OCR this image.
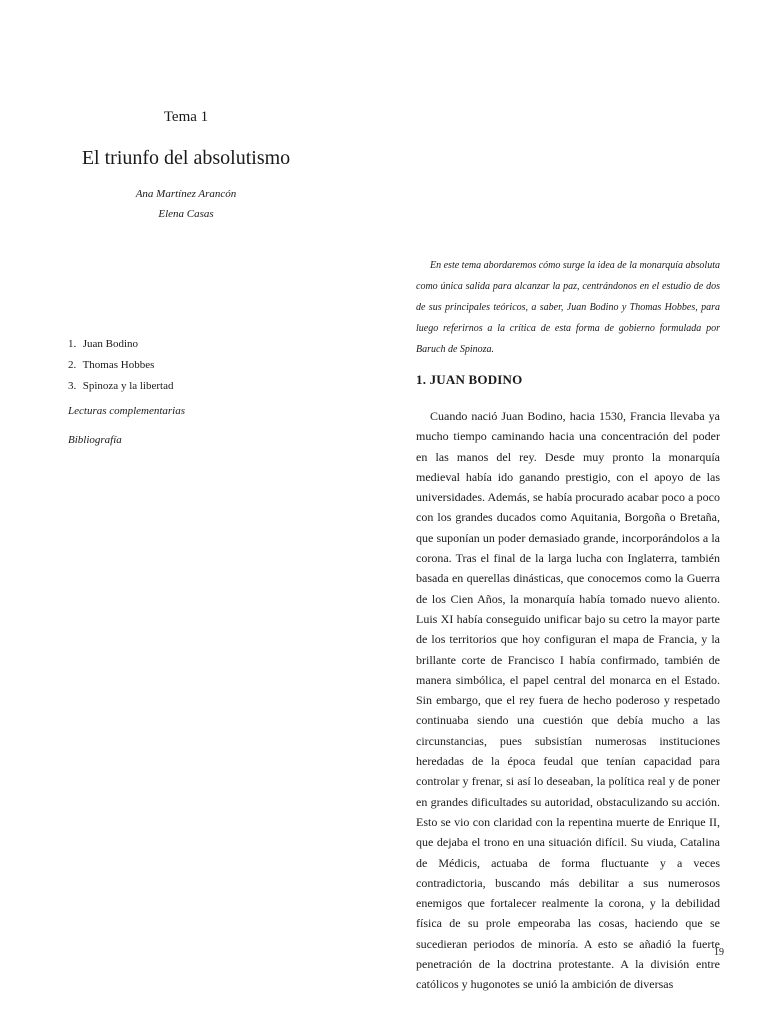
Tema 1
El triunfo del absolutismo
Ana Martínez Arancón
Elena Casas

En este tema abordaremos cómo surge la idea de la monarquía absoluta como única salida para alcanzar la paz, centrándonos en el estudio de dos de sus principales teóricos, a saber, Juan Bodino y Thomas Hobbes, para luego referirnos a la crítica de esta forma de gobierno formulada por Baruch de Spinoza.

1. Juan Bodino
2. Thomas Hobbes
3. Spinoza y la libertad
Lecturas complementarias
Bibliografía
1. JUAN BODINO

Cuando nació Juan Bodino, hacia 1530, Francia llevaba ya mucho tiempo caminando hacia una concentración del poder en las manos del rey. Desde muy pronto la monarquía medieval había ido ganando prestigio, con el apoyo de las universidades. Además, se había procurado acabar poco a poco con los grandes ducados como Aquitania, Borgoña o Bretaña, que suponían un poder demasiado grande, incorporándolos a la corona. Tras el final de la larga lucha con Inglaterra, también basada en querellas dinásticas, que conocemos como la Guerra de los Cien Años, la monarquía había tomado nuevo aliento. Luis XI había conseguido unificar bajo su cetro la mayor parte de los territorios que hoy configuran el mapa de Francia, y la brillante corte de Francisco I había confirmado, también de manera simbólica, el papel central del monarca en el Estado. Sin embargo, que el rey fuera de hecho poderoso y respetado continuaba siendo una cuestión que debía mucho a las circunstancias, pues subsistían numerosas instituciones heredadas de la época feudal que tenían capacidad para controlar y frenar, si así lo deseaban, la política real y de poner en grandes dificultades su autoridad, obstaculizando su acción. Esto se vio con claridad con la repentina muerte de Enrique II, que dejaba el trono en una situación difícil. Su viuda, Catalina de Médicis, actuaba de forma fluctuante y a veces contradictoria, buscando más debilitar a sus numerosos enemigos que fortalecer realmente la corona, y la debilidad física de su prole empeoraba las cosas, haciendo que se sucedieran periodos de minoría. A esto se añadió la fuerte penetración de la doctrina protestante. A la división entre católicos y hugonotes se unió la ambición de diversas

19
